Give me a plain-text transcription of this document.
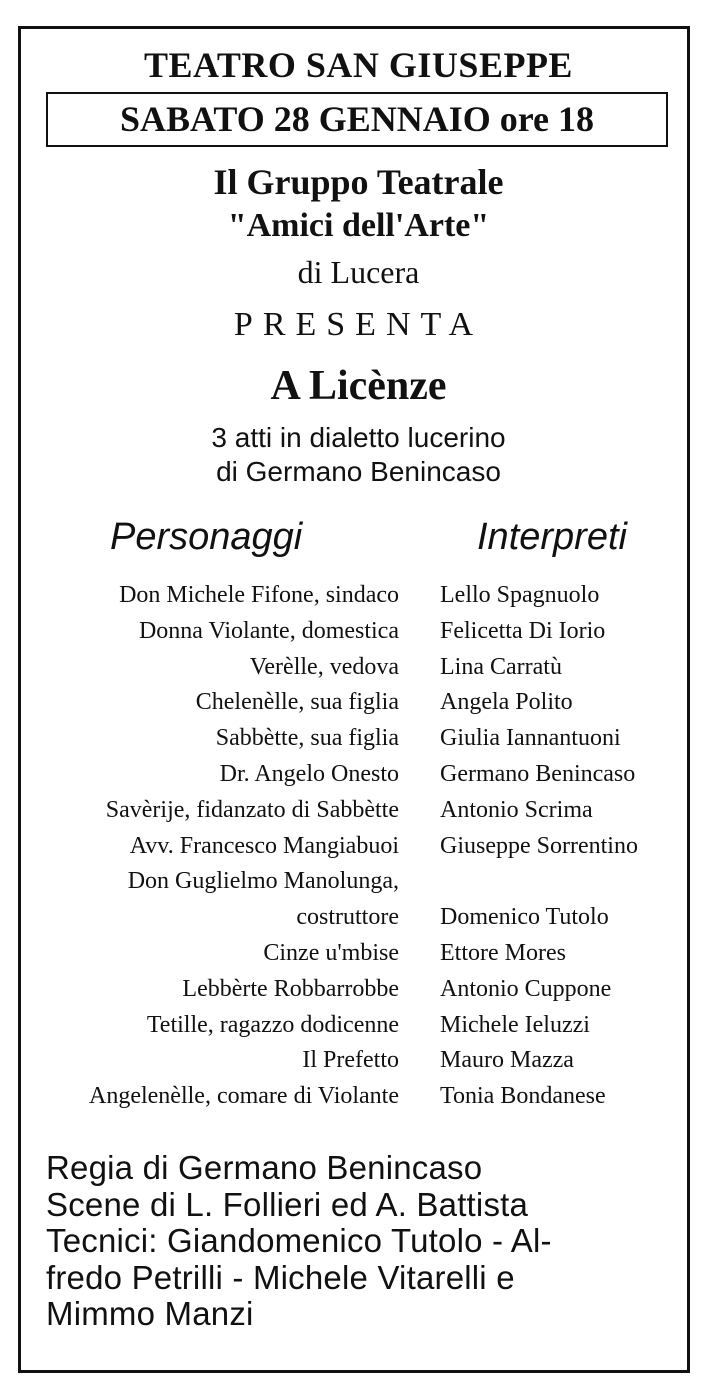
TEATRO SAN GIUSEPPE
SABATO 28 GENNAIO ore 18
Il Gruppo Teatrale
"Amici dell'Arte"
di Lucera
PRESENTA
A Licènze
3 atti in dialetto lucerino
di Germano Benincaso
Personaggi	Interpreti
Don Michele Fifone, sindaco Lello Spagnuolo
Donna Violante, domestica Felicetta Di Iorio
Verèlle, vedova Lina Carratù
Chelenèlle, sua figlia Angela Polito
Sabbètte, sua figlia Giulia Iannantuoni
Dr. Angelo Onesto Germano Benincaso
Savèrije, fidanzato di Sabbètte Antonio Scrima
Avv. Francesco Mangiabuoi Giuseppe Sorrentino
Don Guglielmo Manolunga,
costruttore Domenico Tutolo
Cinze u'mbise Ettore Mores
Lebbèrte Robbarrobbe Antonio Cuppone
Tetille, ragazzo dodicenne Michele Ieluzzi
Il Prefetto Mauro Mazza
Angelenèlle, comare di Violante Tonia Bondanese
Regia di Germano Benincaso
Scene di L. Follieri ed A. Battista
Tecnici: Giandomenico Tutolo - Al-
fredo Petrilli - Michele Vitarelli e
Mimmo Manzi
